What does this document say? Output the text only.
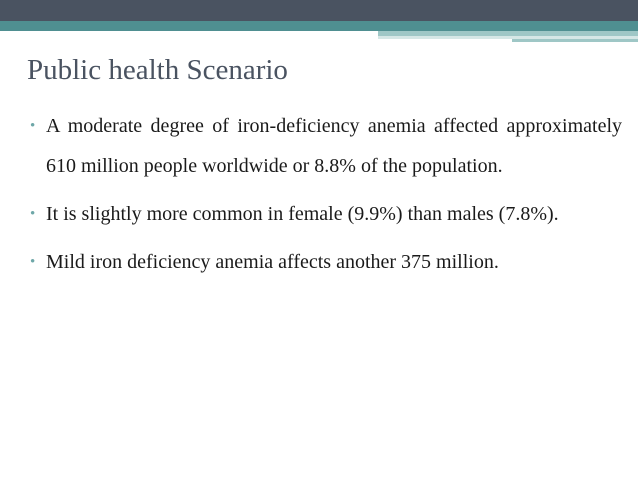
Public health Scenario
• A moderate degree of iron-deficiency anemia affected approximately 610 million people worldwide or 8.8% of the population.
• It is slightly more common in female (9.9%) than males (7.8%).
• Mild iron deficiency anemia affects another 375 million.
